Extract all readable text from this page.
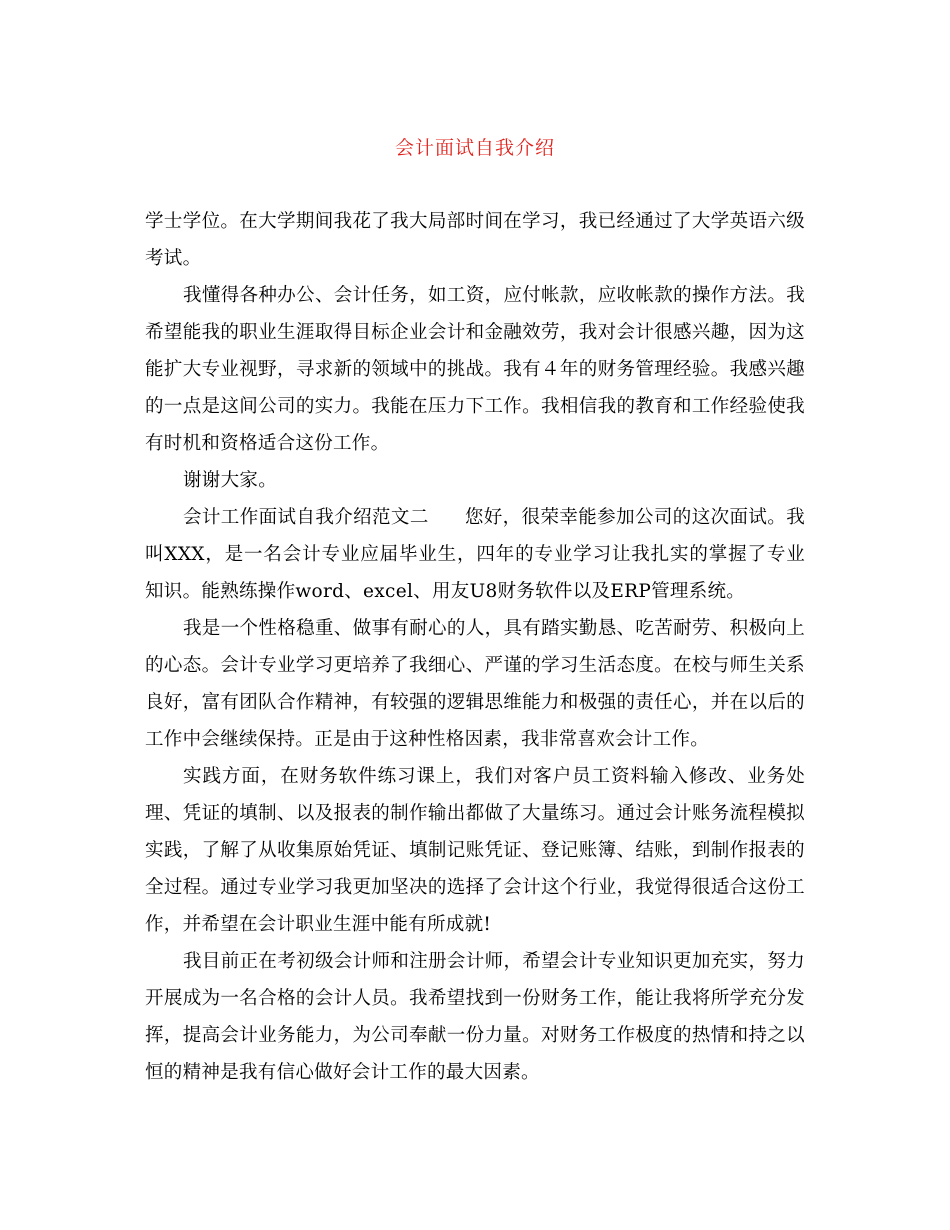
会计面试自我介绍

学士学位。在大学期间我花了我大局部时间在学习，我已经通过了大学英语六级考试。

我懂得各种办公、会计任务，如工资，应付帐款，应收帐款的操作方法。我希望能我的职业生涯取得目标企业会计和金融效劳，我对会计很感兴趣，因为这能扩大专业视野，寻求新的领域中的挑战。我有４年的财务管理经验。我感兴趣的一点是这间公司的实力。我能在压力下工作。我相信我的教育和工作经验使我有时机和资格适合这份工作。

谢谢大家。

会计工作面试自我介绍范文二 您好，很荣幸能参加公司的这次面试。我叫XXX，是一名会计专业应届毕业生，四年的专业学习让我扎实的掌握了专业知识。能熟练操作word、excel、用友U8财务软件以及ERP管理系统。

我是一个性格稳重、做事有耐心的人，具有踏实勤恳、吃苦耐劳、积极向上的心态。会计专业学习更培养了我细心、严谨的学习生活态度。在校与师生关系良好，富有团队合作精神，有较强的逻辑思维能力和极强的责任心，并在以后的工作中会继续保持。正是由于这种性格因素，我非常喜欢会计工作。

实践方面，在财务软件练习课上，我们对客户员工资料输入修改、业务处理、凭证的填制、以及报表的制作输出都做了大量练习。通过会计账务流程模拟实践，了解了从收集原始凭证、填制记账凭证、登记账簿、结账，到制作报表的全过程。通过专业学习我更加坚决的选择了会计这个行业，我觉得很适合这份工作，并希望在会计职业生涯中能有所成就!

我目前正在考初级会计师和注册会计师，希望会计专业知识更加充实，努力开展成为一名合格的会计人员。我希望找到一份财务工作，能让我将所学充分发挥，提高会计业务能力，为公司奉献一份力量。对财务工作极度的热情和持之以恒的精神是我有信心做好会计工作的最大因素。
